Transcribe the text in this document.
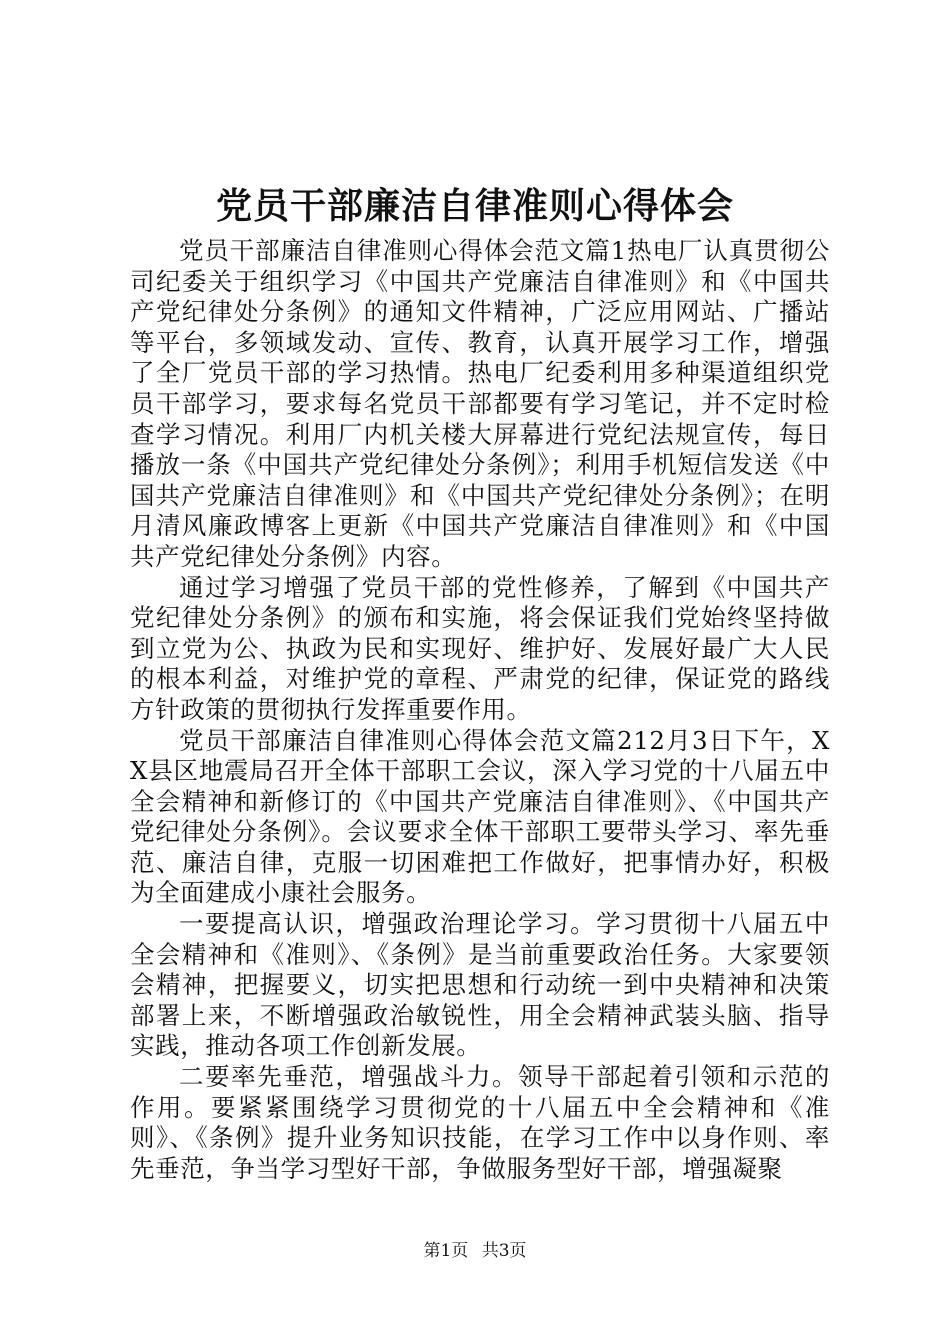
党员干部廉洁自律准则心得体会

党员干部廉洁自律准则心得体会范文篇1热电厂认真贯彻公司纪委关于组织学习《中国共产党廉洁自律准则》和《中国共产党纪律处分条例》的通知文件精神，广泛应用网站、广播站等平台，多领域发动、宣传、教育，认真开展学习工作，增强了全厂党员干部的学习热情。热电厂纪委利用多种渠道组织党员干部学习，要求每名党员干部都要有学习笔记，并不定时检查学习情况。利用厂内机关楼大屏幕进行党纪法规宣传，每日播放一条《中国共产党纪律处分条例》；利用手机短信发送《中国共产党廉洁自律准则》和《中国共产党纪律处分条例》；在明月清风廉政博客上更新《中国共产党廉洁自律准则》和《中国共产党纪律处分条例》内容。

通过学习增强了党员干部的党性修养，了解到《中国共产党纪律处分条例》的颁布和实施，将会保证我们党始终坚持做到立党为公、执政为民和实现好、维护好、发展好最广大人民的根本利益，对维护党的章程、严肃党的纪律，保证党的路线方针政策的贯彻执行发挥重要作用。

党员干部廉洁自律准则心得体会范文篇212月3日下午，XX县区地震局召开全体干部职工会议，深入学习党的十八届五中全会精神和新修订的《中国共产党廉洁自律准则》、《中国共产党纪律处分条例》。会议要求全体干部职工要带头学习、率先垂范、廉洁自律，克服一切困难把工作做好，把事情办好，积极为全面建成小康社会服务。

一要提高认识，增强政治理论学习。学习贯彻十八届五中全会精神和《准则》、《条例》是当前重要政治任务。大家要领会精神，把握要义，切实把思想和行动统一到中央精神和决策部署上来，不断增强政治敏锐性，用全会精神武装头脑、指导实践，推动各项工作创新发展。

二要率先垂范，增强战斗力。领导干部起着引领和示范的作用。要紧紧围绕学习贯彻党的十八届五中全会精神和《准则》、《条例》提升业务知识技能，在学习工作中以身作则、率先垂范，争当学习型好干部，争做服务型好干部，增强凝聚

第1页 共3页
